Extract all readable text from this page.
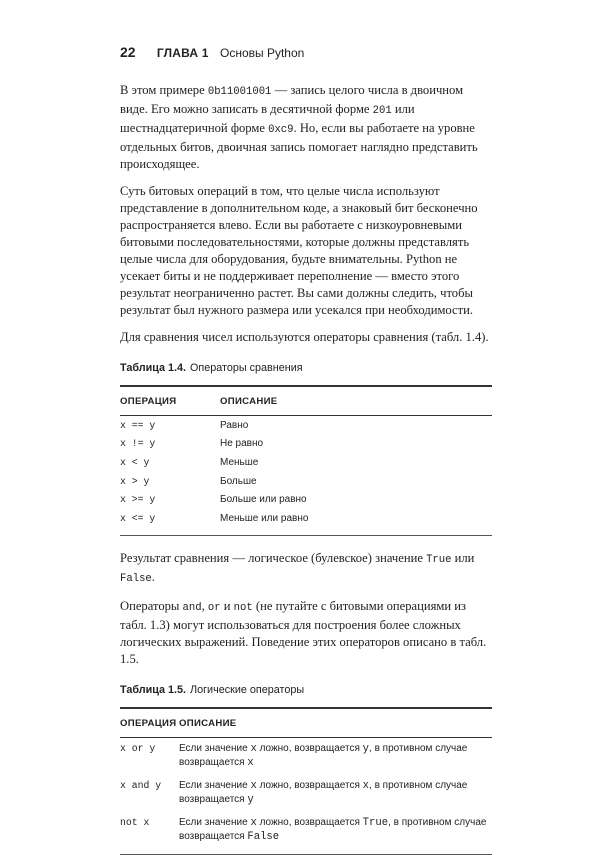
22 ГЛАВА 1 Основы Python

В этом примере 0b11001001 — запись целого числа в двоичном виде. Его можно записать в десятичной форме 201 или шестнадцатеричной форме 0xc9. Но, если вы работаете на уровне отдельных битов, двоичная запись помогает наглядно представить происходящее.

Суть битовых операций в том, что целые числа используют представление в дополнительном коде, а знаковый бит бесконечно распространяется влево. Если вы работаете с низкоуровневыми битовыми последовательностями, которые должны представлять целые числа для оборудования, будьте внимательны. Python не усекает биты и не поддерживает переполнение — вместо этого результат неограниченно растет. Вы сами должны следить, чтобы результат был нужного размера или усекался при необходимости.

Для сравнения чисел используются операторы сравнения (табл. 1.4).

Таблица 1.4. Операторы сравнения
ОПЕРАЦИЯ	ОПИСАНИЕ
x == y	Равно
x != y	Не равно
x < y	Меньше
x > y	Больше
x >= y	Больше или равно
x <= y	Меньше или равно

Результат сравнения — логическое (булевское) значение True или False.

Операторы and, or и not (не путайте с битовыми операциями из табл. 1.3) могут использоваться для построения более сложных логических выражений. Поведение этих операторов описано в табл. 1.5.

Таблица 1.5. Логические операторы
ОПЕРАЦИЯ	ОПИСАНИЕ
x or y	Если значение x ложно, возвращается y, в противном случае возвращается x
x and y	Если значение x ложно, возвращается x, в противном случае возвращается y
not x	Если значение x ложно, возвращается True, в противном случае возвращается False
